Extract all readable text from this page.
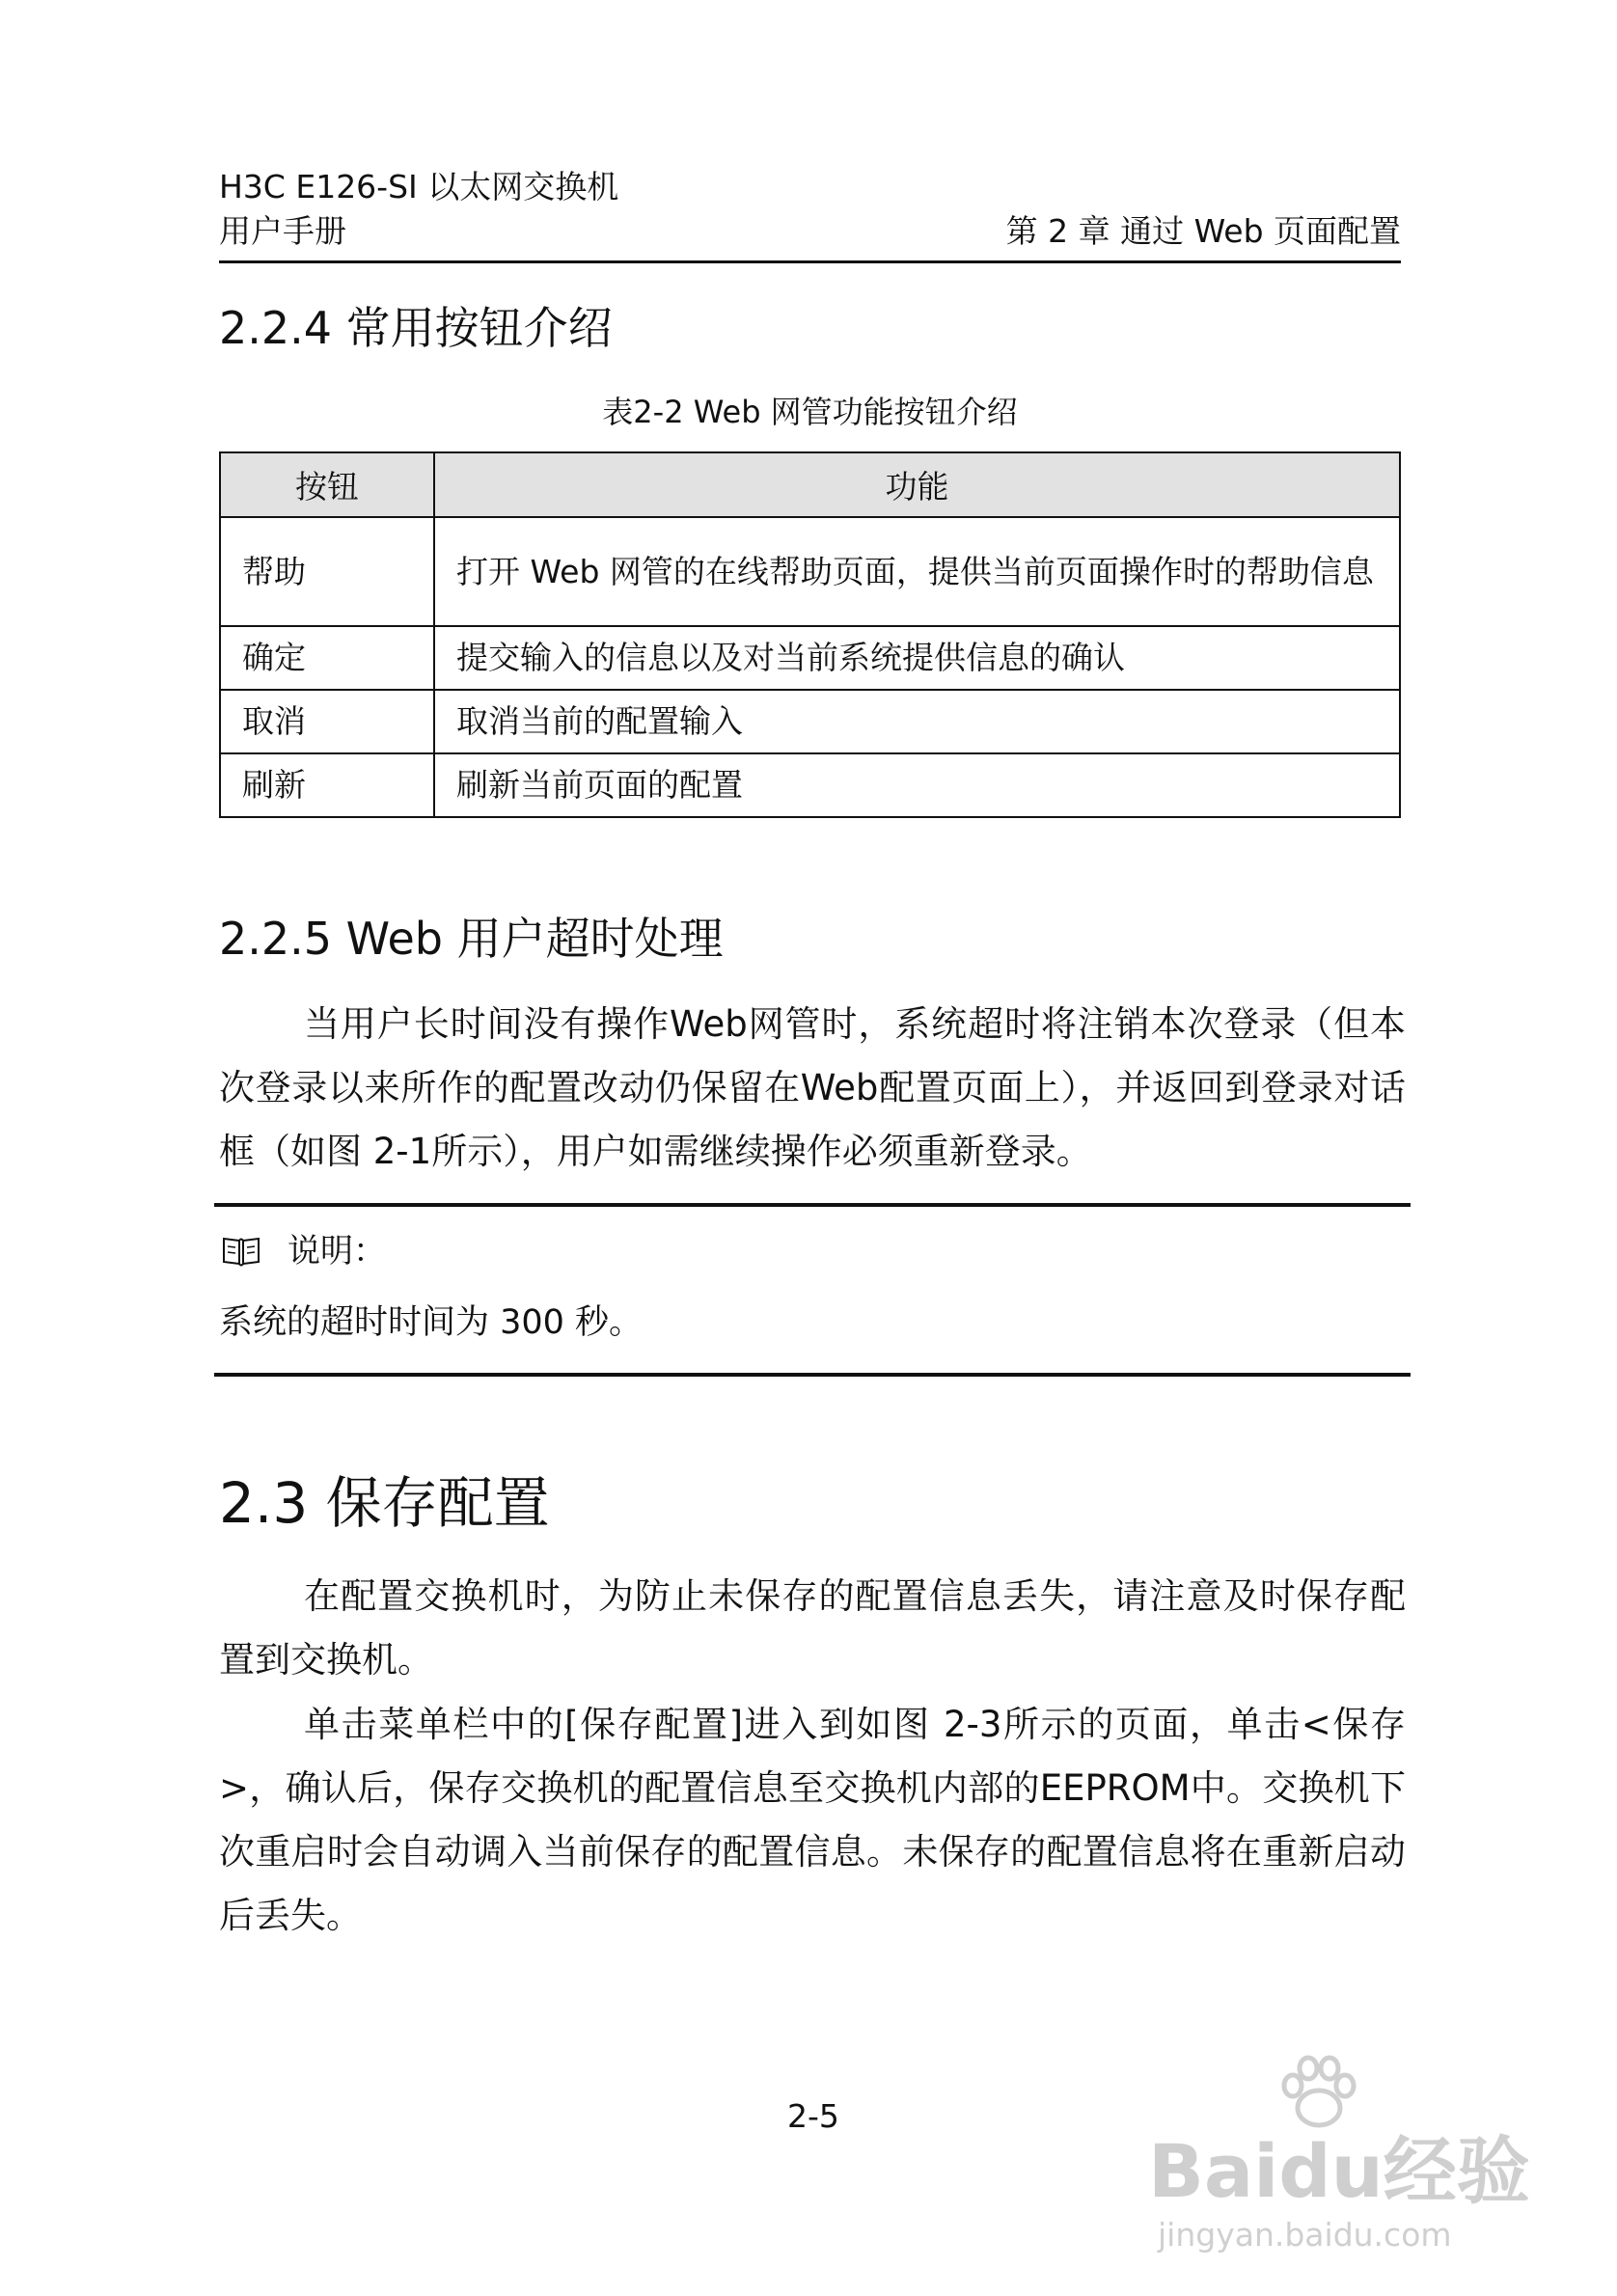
H3C E126-SI 以太网交换机
用户手册	第 2 章 通过 Web 页面配置
2.2.4 常用按钮介绍
表2-2 Web 网管功能按钮介绍
按钮	功能
帮助	打开 Web 网管的在线帮助页面，提供当前页面操作时的帮助信息
确定	提交输入的信息以及对当前系统提供信息的确认
取消	取消当前的配置输入
刷新	刷新当前页面的配置
2.2.5 Web 用户超时处理
当用户长时间没有操作Web网管时，系统超时将注销本次登录（但本次登录以来所作的配置改动仍保留在Web配置页面上），并返回到登录对话框（如图 2-1所示），用户如需继续操作必须重新登录。
说明：
系统的超时时间为 300 秒。
2.3 保存配置
在配置交换机时，为防止未保存的配置信息丢失，请注意及时保存配置到交换机。
单击菜单栏中的[保存配置]进入到如图 2-3所示的页面，单击<保存>，确认后，保存交换机的配置信息至交换机内部的EEPROM中。交换机下次重启时会自动调入当前保存的配置信息。未保存的配置信息将在重新启动后丢失。
2-5
Baidu经验
jingyan.baidu.com
